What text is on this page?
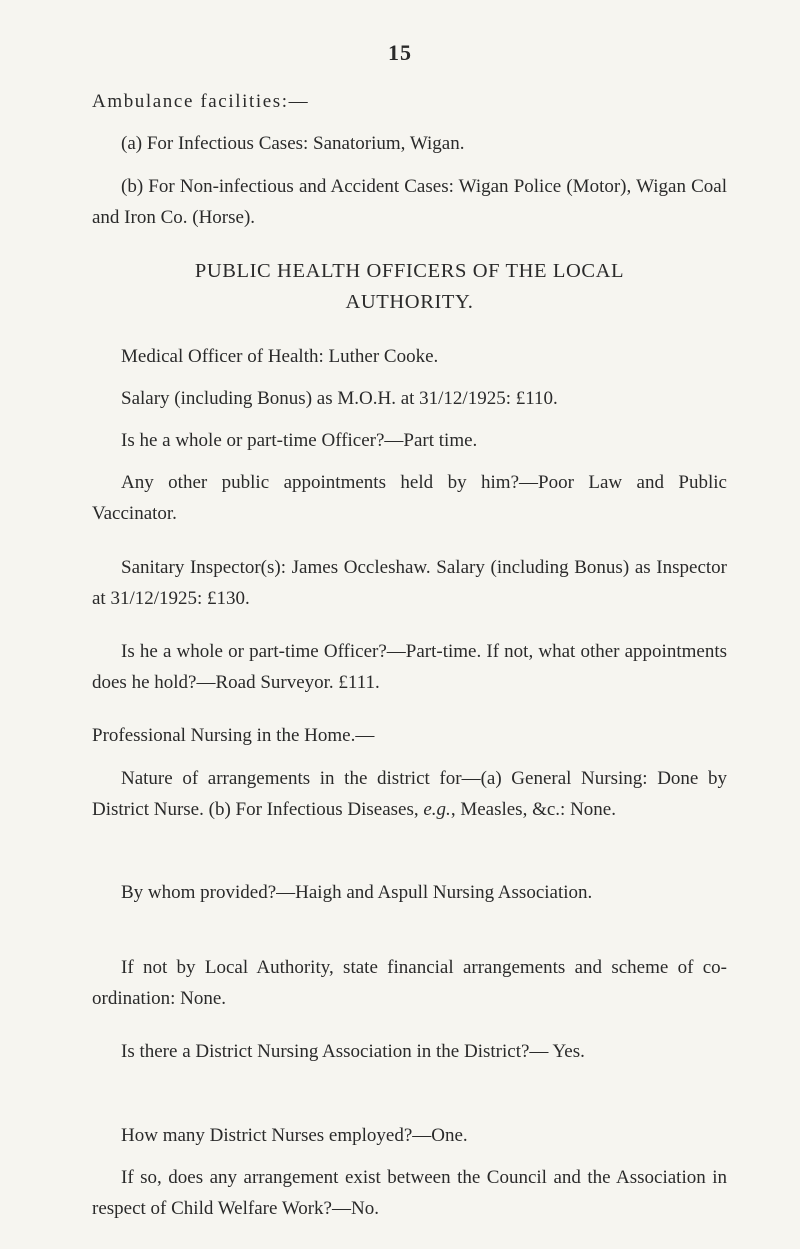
15
Ambulance facilities:—
(a) For Infectious Cases: Sanatorium, Wigan.
(b) For Non-infectious and Accident Cases: Wigan Police (Motor), Wigan Coal and Iron Co. (Horse).
PUBLIC HEALTH OFFICERS OF THE LOCAL
AUTHORITY.
Medical Officer of Health: Luther Cooke.
Salary (including Bonus) as M.O.H. at 31/12/1925: £110.
Is he a whole or part-time Officer?—Part time.
Any other public appointments held by him?—Poor Law and Public Vaccinator.
Sanitary Inspector(s): James Occleshaw. Salary (including Bonus) as Inspector at 31/12/1925: £130.
Is he a whole or part-time Officer?—Part-time. If not, what other appointments does he hold?—Road Surveyor. £111.
Professional Nursing in the Home.—
Nature of arrangements in the district for—(a) General Nursing: Done by District Nurse. (b) For Infectious Diseases, e.g., Measles, &c.: None.
By whom provided?—Haigh and Aspull Nursing Association.
If not by Local Authority, state financial arrangements and scheme of co-ordination: None.
Is there a District Nursing Association in the District?— Yes.
How many District Nurses employed?—One.
If so, does any arrangement exist between the Council and the Association in respect of Child Welfare Work?—No.
